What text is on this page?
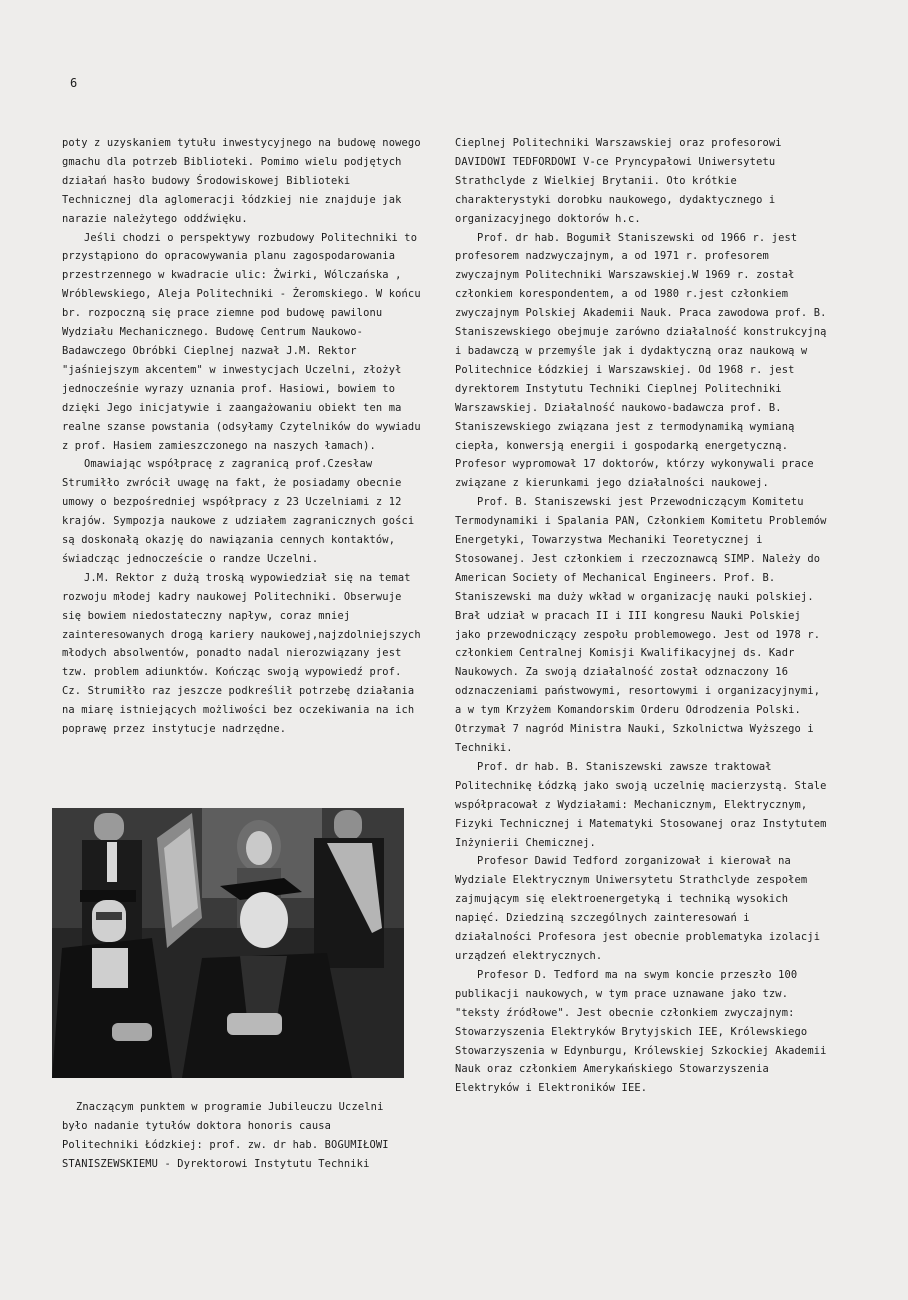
6

poty z uzyskaniem tytułu inwestycyjnego na budowę nowego gmachu dla potrzeb Biblioteki. Pomimo wielu podjętych działań hasło budowy Środowiskowej Biblioteki Technicznej dla aglomeracji łódzkiej nie znajduje jak narazie należytego oddźwięku.

Jeśli chodzi o perspektywy rozbudowy Politechniki to przystąpiono do opracowywania planu zagospodarowania przestrzennego w kwadracie ulic: Żwirki, Wólczańska , Wróblewskiego, Aleja Politechniki - Żeromskiego. W końcu br. rozpoczną się prace ziemne pod budowę pawilonu Wydziału Mechanicznego. Budowę Centrum Naukowo-Badawczego Obróbki Cieplnej nazwał J.M. Rektor "jaśniejszym akcentem" w inwestycjach Uczelni, złożył jednocześnie wyrazy uznania prof. Hasiowi, bowiem to dzięki Jego inicjatywie i zaangażowaniu obiekt ten ma realne szanse powstania (odsyłamy Czytelników do wywiadu z prof. Hasiem zamieszczonego na naszych łamach).

Omawiając współpracę z zagranicą prof.Czesław Strumiłło zwrócił uwagę na fakt, że posiadamy obecnie umowy o bezpośredniej współpracy z 23 Uczelniami z 12 krajów. Sympozja naukowe z udziałem zagranicznych gości są doskonałą okazję do nawiązania cennych kontaktów, świadcząc jednoczeście o randze Uczelni.

J.M. Rektor z dużą troską wypowiedział się na temat rozwoju młodej kadry naukowej Politechniki. Obserwuje się bowiem niedostateczny napływ, coraz mniej zainteresowanych drogą kariery naukowej,najzdolniejszych młodych absolwentów, ponadto nadal nierozwiązany jest tzw. problem adiunktów. Kończąc swoją wypowiedź prof. Cz. Strumiłło raz jeszcze podkreślił potrzebę działania na miarę istniejących możliwości bez oczekiwania na ich poprawę przez instytucje nadrzędne.

Znaczącym punktem w programie Jubileuczu Uczelni było nadanie tytułów doktora honoris causa Politechniki Łódzkiej: prof. zw. dr hab. BOGUMIŁOWI STANISZEWSKIEMU - Dyrektorowi Instytutu Techniki

Cieplnej Politechniki Warszawskiej oraz profesorowi DAVIDOWI TEDFORDOWI V-ce Pryncypałowi Uniwersytetu Strathclyde z Wielkiej Brytanii. Oto krótkie charakterystyki dorobku naukowego, dydaktycznego i organizacyjnego doktorów h.c.

Prof. dr hab. Bogumił Staniszewski od 1966 r. jest profesorem nadzwyczajnym, a od 1971 r. profesorem zwyczajnym Politechniki Warszawskiej.W 1969 r. został członkiem korespondentem, a od 1980 r.jest członkiem zwyczajnym Polskiej Akademii Nauk. Praca zawodowa prof. B. Staniszewskiego obejmuje zarówno działalność konstrukcyjną i badawczą w przemyśle jak i dydaktyczną oraz naukową w Politechnice Łódzkiej i Warszawskiej. Od 1968 r. jest dyrektorem Instytutu Techniki Cieplnej Politechniki Warszawskiej. Działalność naukowo-badawcza prof. B. Staniszewskiego związana jest z termodynamiką wymianą ciepła, konwersją energii i gospodarką energetyczną. Profesor wypromował 17 doktorów, którzy wykonywali prace związane z kierunkami jego działalności naukowej.

Prof. B. Staniszewski jest Przewodniczącym Komitetu Termodynamiki i Spalania PAN, Członkiem Komitetu Problemów Energetyki, Towarzystwa Mechaniki Teoretycznej i Stosowanej. Jest członkiem i rzeczoznawcą SIMP. Należy do American Society of Mechanical Engineers. Prof. B. Staniszewski ma duży wkład w organizację nauki polskiej. Brał udział w pracach II i III kongresu Nauki Polskiej jako przewodniczący zespołu problemowego. Jest od 1978 r. członkiem Centralnej Komisji Kwalifikacyjnej ds. Kadr Naukowych. Za swoją działalność został odznaczony 16 odznaczeniami państwowymi, resortowymi i organizacyjnymi, a w tym Krzyżem Komandorskim Orderu Odrodzenia Polski. Otrzymał 7 nagród Ministra Nauki, Szkolnictwa Wyższego i Techniki.

Prof. dr hab. B. Staniszewski zawsze traktował Politechnikę Łódzką jako swoją uczelnię macierzystą. Stale współpracował z Wydziałami: Mechanicznym, Elektrycznym, Fizyki Technicznej i Matematyki Stosowanej oraz Instytutem Inżynierii Chemicznej.

Profesor Dawid Tedford zorganizował i kierował na Wydziale Elektrycznym Uniwersytetu Strathclyde zespołem zajmującym się elektroenergetyką i techniką wysokich napięć. Dziedziną szczególnych zainteresowań i działalności Profesora jest obecnie problematyka izolacji urządzeń elektrycznych.

Profesor D. Tedford ma na swym koncie przeszło 100 publikacji naukowych, w tym prace uznawane jako tzw. "teksty źródłowe". Jest obecnie członkiem zwyczajnym: Stowarzyszenia Elektryków Brytyjskich IEE, Królewskiego Stowarzyszenia w Edynburgu, Królewskiej Szkockiej Akademii Nauk oraz członkiem Amerykańskiego Stowarzyszenia Elektryków i Elektroników IEE.
